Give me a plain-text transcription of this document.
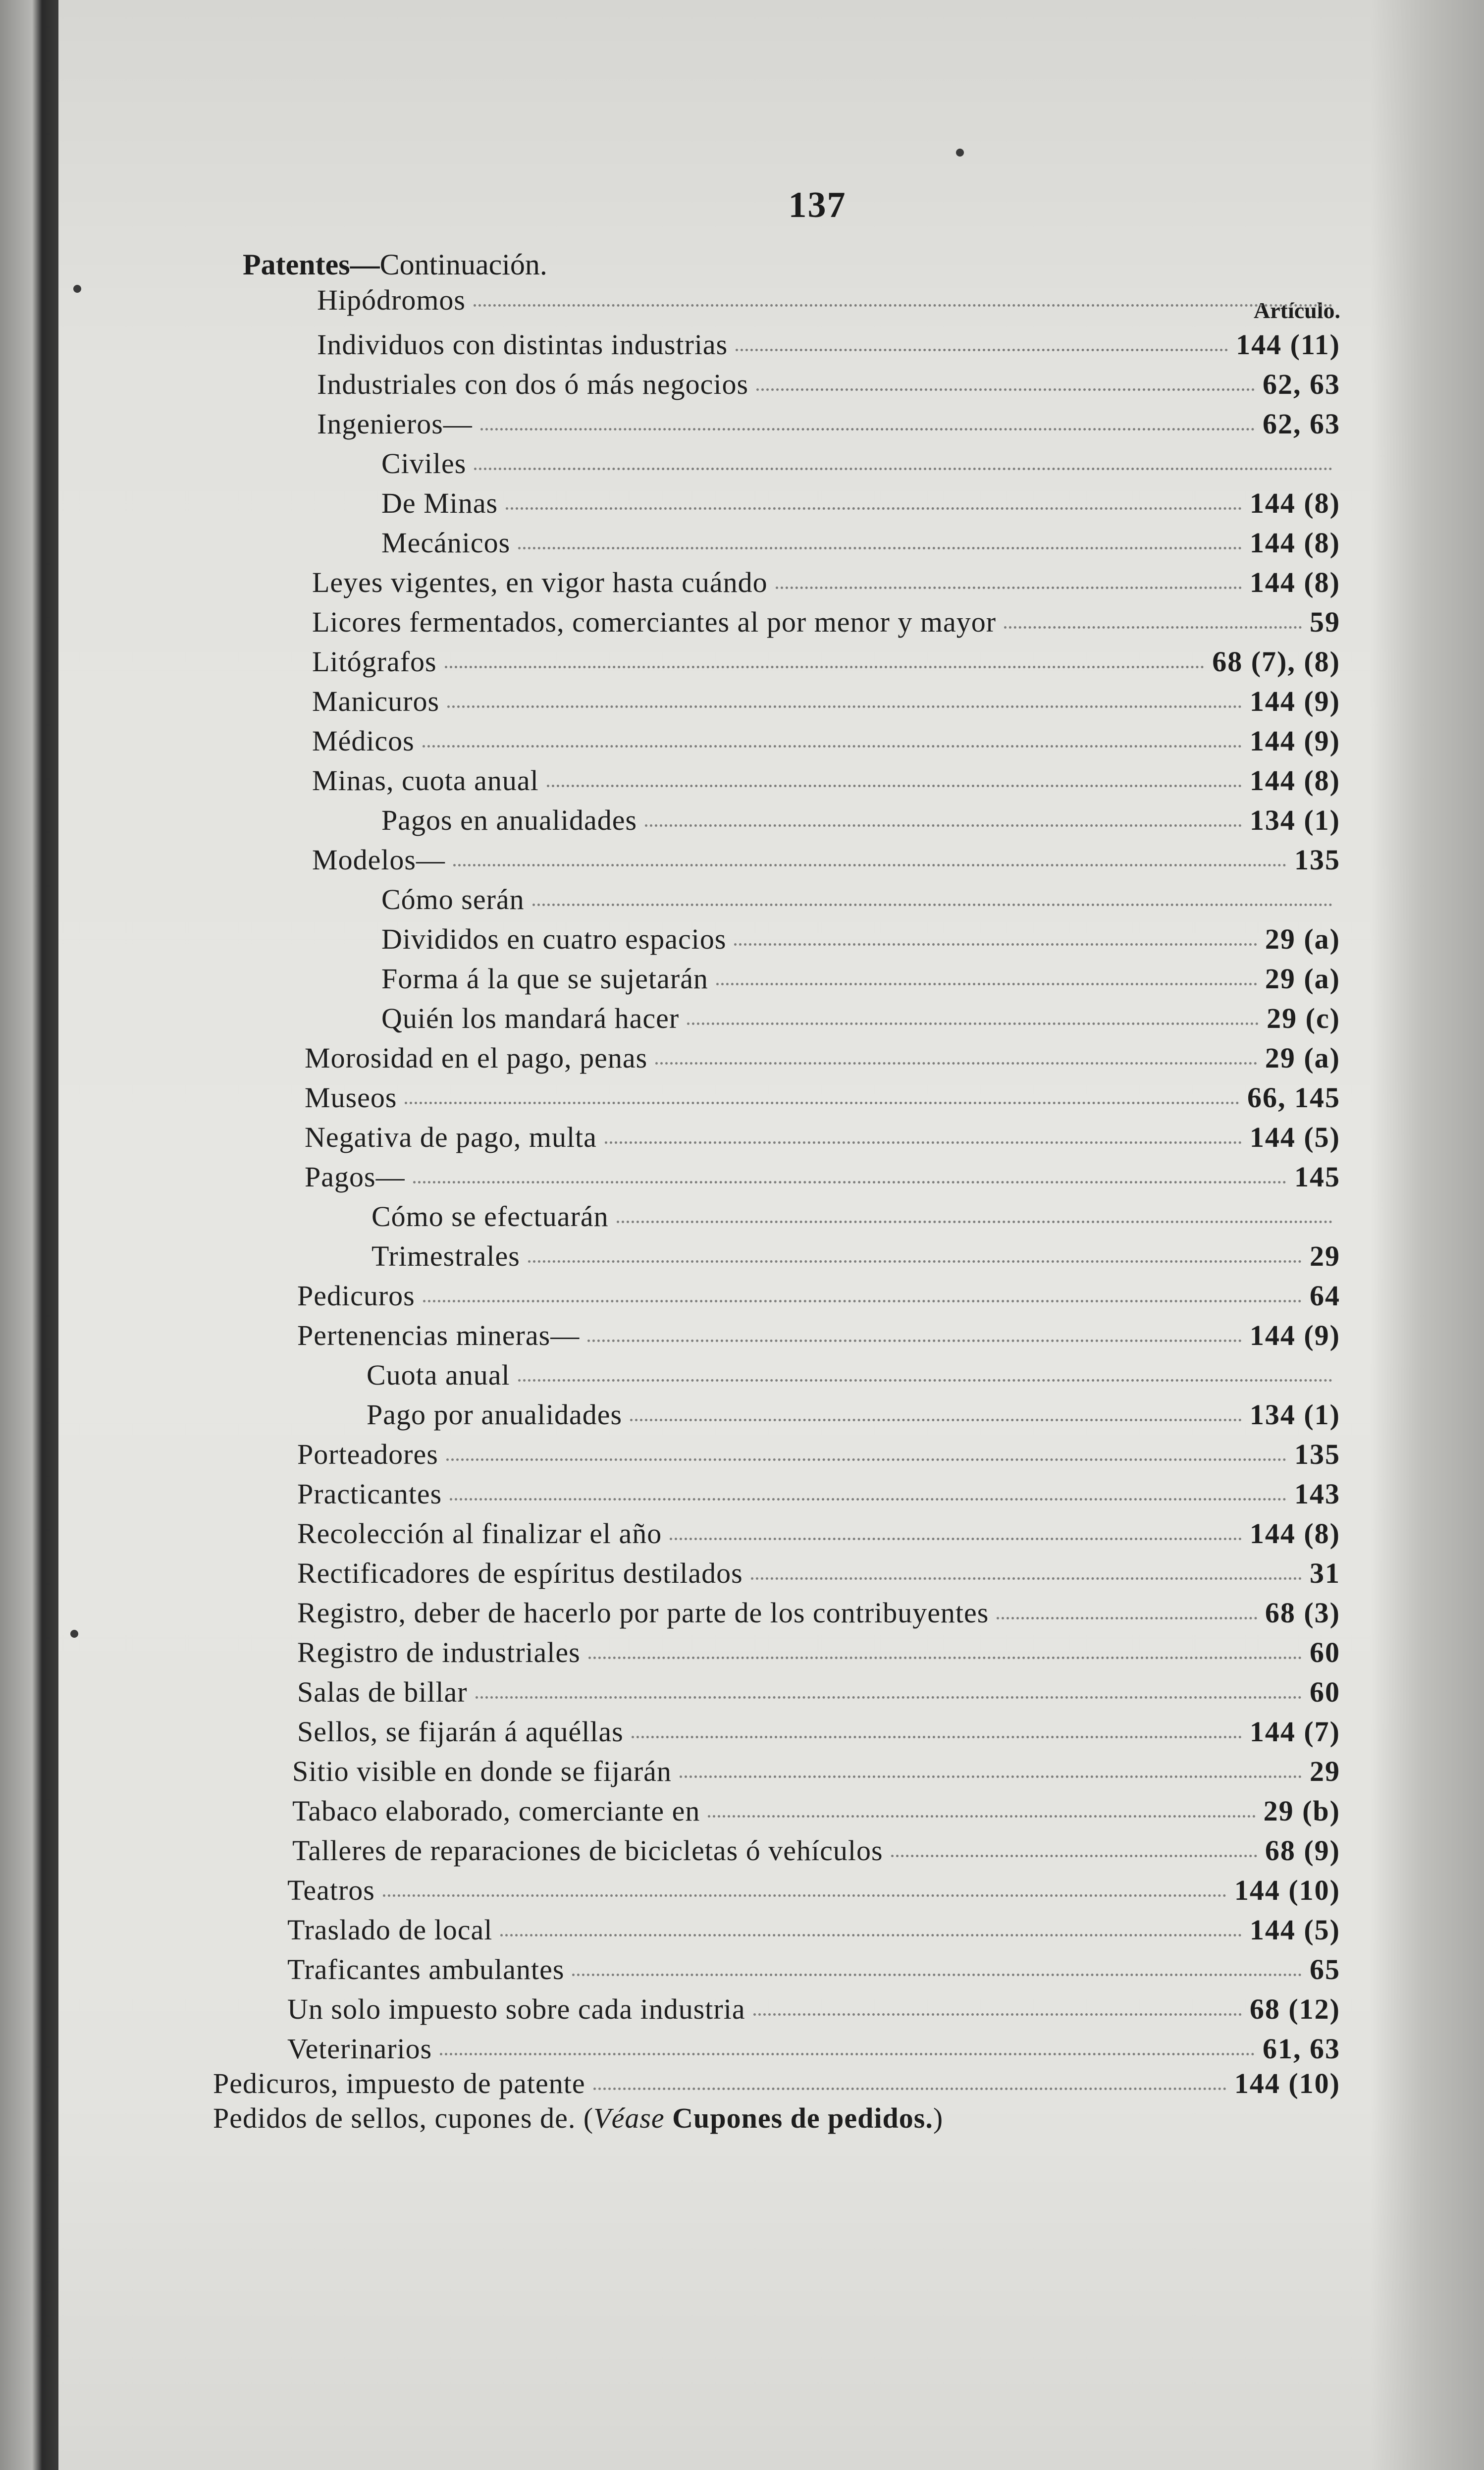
137
Patentes—Continuación.
Artículo.
Hipódromos
Individuos con distintas industrias	144 (11)
Industriales con dos ó más negocios	62, 63
Ingenieros—	62, 63
Civiles
De Minas	144 (8)
Mecánicos	144 (8)
Leyes vigentes, en vigor hasta cuándo	144 (8)
Licores fermentados, comerciantes al por menor y mayor	59
Litógrafos	68 (7), (8)
Manicuros	144 (9)
Médicos	144 (9)
Minas, cuota anual	144 (8)
Pagos en anualidades	134 (1)
Modelos—	135
Cómo serán
Divididos en cuatro espacios	29 (a)
Forma á la que se sujetarán	29 (a)
Quién los mandará hacer	29 (c)
Morosidad en el pago, penas	29 (a)
Museos	66, 145
Negativa de pago, multa	144 (5)
Pagos—	145
Cómo se efectuarán
Trimestrales	29
Pedicuros	64
Pertenencias mineras—	144 (9)
Cuota anual
Pago por anualidades	134 (1)
Porteadores	135
Practicantes	143
Recolección al finalizar el año	144 (8)
Rectificadores de espíritus destilados	31
Registro, deber de hacerlo por parte de los contribuyentes	68 (3)
Registro de industriales	60
Salas de billar	60
Sellos, se fijarán á aquéllas	144 (7)
Sitio visible en donde se fijarán	29
Tabaco elaborado, comerciante en	29 (b)
Talleres de reparaciones de bicicletas ó vehículos	68 (9)
Teatros	144 (10)
Traslado de local	144 (5)
Traficantes ambulantes	65
Un solo impuesto sobre cada industria	68 (12)
Veterinarios	61, 63
Pedicuros, impuesto de patente	144 (10)
Pedidos de sellos, cupones de. (Véase Cupones de pedidos.)
